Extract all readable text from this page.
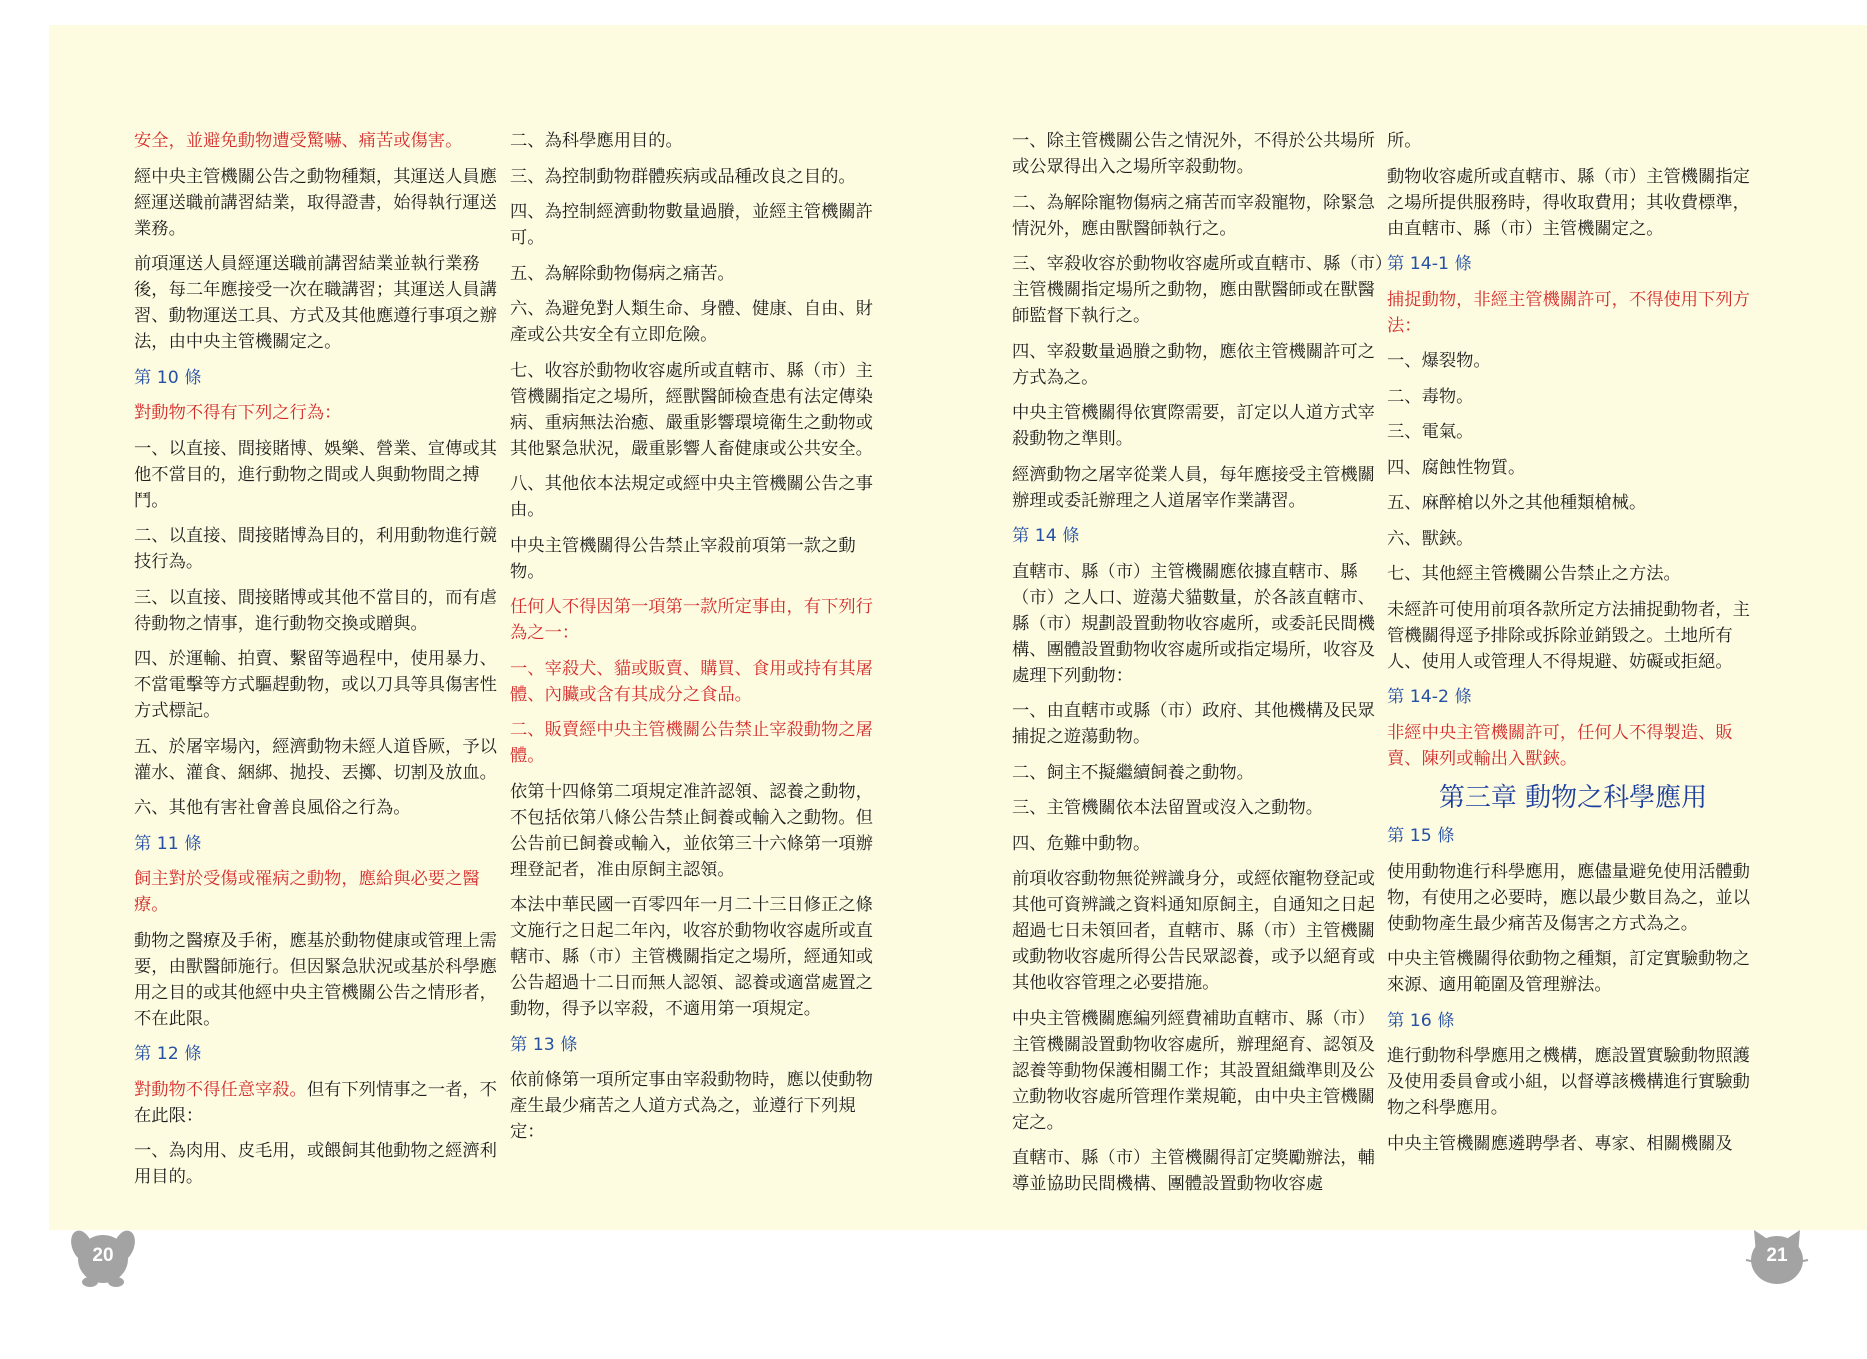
安全，並避免動物遭受驚嚇、痛苦或傷害。

經中央主管機關公告之動物種類，其運送人員應經運送職前講習結業，取得證書，始得執行運送業務。

前項運送人員經運送職前講習結業並執行業務後，每二年應接受一次在職講習；其運送人員講習、動物運送工具、方式及其他應遵行事項之辦法，由中央主管機關定之。

第 10 條

對動物不得有下列之行為：

一、以直接、間接賭博、娛樂、營業、宣傳或其他不當目的，進行動物之間或人與動物間之搏鬥。

二、以直接、間接賭博為目的，利用動物進行競技行為。

三、以直接、間接賭博或其他不當目的，而有虐待動物之情事，進行動物交換或贈與。

四、於運輸、拍賣、繫留等過程中，使用暴力、不當電擊等方式驅趕動物，或以刀具等具傷害性方式標記。

五、於屠宰場內，經濟動物未經人道昏厥，予以灌水、灌食、綑綁、拋投、丟擲、切割及放血。

六、其他有害社會善良風俗之行為。

第 11 條

飼主對於受傷或罹病之動物，應給與必要之醫療。

動物之醫療及手術，應基於動物健康或管理上需要，由獸醫師施行。但因緊急狀況或基於科學應用之目的或其他經中央主管機關公告之情形者，不在此限。

第 12 條

對動物不得任意宰殺。但有下列情事之一者，不在此限：

一、為肉用、皮毛用，或餵飼其他動物之經濟利用目的。

二、為科學應用目的。

三、為控制動物群體疾病或品種改良之目的。

四、為控制經濟動物數量過賸，並經主管機關許可。

五、為解除動物傷病之痛苦。

六、為避免對人類生命、身體、健康、自由、財產或公共安全有立即危險。

七、收容於動物收容處所或直轄市、縣（市）主管機關指定之場所，經獸醫師檢查患有法定傳染病、重病無法治癒、嚴重影響環境衛生之動物或其他緊急狀況，嚴重影響人畜健康或公共安全。

八、其他依本法規定或經中央主管機關公告之事由。

中央主管機關得公告禁止宰殺前項第一款之動物。

任何人不得因第一項第一款所定事由，有下列行為之一：

一、宰殺犬、貓或販賣、購買、食用或持有其屠體、內臟或含有其成分之食品。

二、販賣經中央主管機關公告禁止宰殺動物之屠體。

依第十四條第二項規定准許認領、認養之動物，不包括依第八條公告禁止飼養或輸入之動物。但公告前已飼養或輸入，並依第三十六條第一項辦理登記者，准由原飼主認領。

本法中華民國一百零四年一月二十三日修正之條文施行之日起二年內，收容於動物收容處所或直轄市、縣（市）主管機關指定之場所，經通知或公告超過十二日而無人認領、認養或適當處置之動物，得予以宰殺，不適用第一項規定。

第 13 條

依前條第一項所定事由宰殺動物時，應以使動物產生最少痛苦之人道方式為之，並遵行下列規定：

一、除主管機關公告之情況外，不得於公共場所或公眾得出入之場所宰殺動物。

二、為解除寵物傷病之痛苦而宰殺寵物，除緊急情況外，應由獸醫師執行之。

三、宰殺收容於動物收容處所或直轄市、縣（市）主管機關指定場所之動物，應由獸醫師或在獸醫師監督下執行之。

四、宰殺數量過賸之動物，應依主管機關許可之方式為之。

中央主管機關得依實際需要，訂定以人道方式宰殺動物之準則。

經濟動物之屠宰從業人員，每年應接受主管機關辦理或委託辦理之人道屠宰作業講習。

第 14 條

直轄市、縣（市）主管機關應依據直轄市、縣（市）之人口、遊蕩犬貓數量，於各該直轄市、縣（市）規劃設置動物收容處所，或委託民間機構、團體設置動物收容處所或指定場所，收容及處理下列動物：

一、由直轄市或縣（市）政府、其他機構及民眾捕捉之遊蕩動物。

二、飼主不擬繼續飼養之動物。

三、主管機關依本法留置或沒入之動物。

四、危難中動物。

前項收容動物無從辨識身分，或經依寵物登記或其他可資辨識之資料通知原飼主，自通知之日起超過七日未領回者，直轄市、縣（市）主管機關或動物收容處所得公告民眾認養，或予以絕育或其他收容管理之必要措施。

中央主管機關應編列經費補助直轄市、縣（市）主管機關設置動物收容處所，辦理絕育、認領及認養等動物保護相關工作；其設置組織準則及公立動物收容處所管理作業規範，由中央主管機關定之。

直轄市、縣（市）主管機關得訂定獎勵辦法，輔導並協助民間機構、團體設置動物收容處

所。

動物收容處所或直轄市、縣（市）主管機關指定之場所提供服務時，得收取費用；其收費標準，由直轄市、縣（市）主管機關定之。

第 14-1 條

捕捉動物，非經主管機關許可，不得使用下列方法：

一、爆裂物。

二、毒物。

三、電氣。

四、腐蝕性物質。

五、麻醉槍以外之其他種類槍械。

六、獸鋏。

七、其他經主管機關公告禁止之方法。

未經許可使用前項各款所定方法捕捉動物者，主管機關得逕予排除或拆除並銷毀之。土地所有人、使用人或管理人不得規避、妨礙或拒絕。

第 14-2 條

非經中央主管機關許可，任何人不得製造、販賣、陳列或輸出入獸鋏。

第三章 動物之科學應用

第 15 條

使用動物進行科學應用，應儘量避免使用活體動物，有使用之必要時，應以最少數目為之，並以使動物產生最少痛苦及傷害之方式為之。

中央主管機關得依動物之種類，訂定實驗動物之來源、適用範圍及管理辦法。

第 16 條

進行動物科學應用之機構，應設置實驗動物照護及使用委員會或小組，以督導該機構進行實驗動物之科學應用。

中央主管機關應遴聘學者、專家、相關機關及

20	21
